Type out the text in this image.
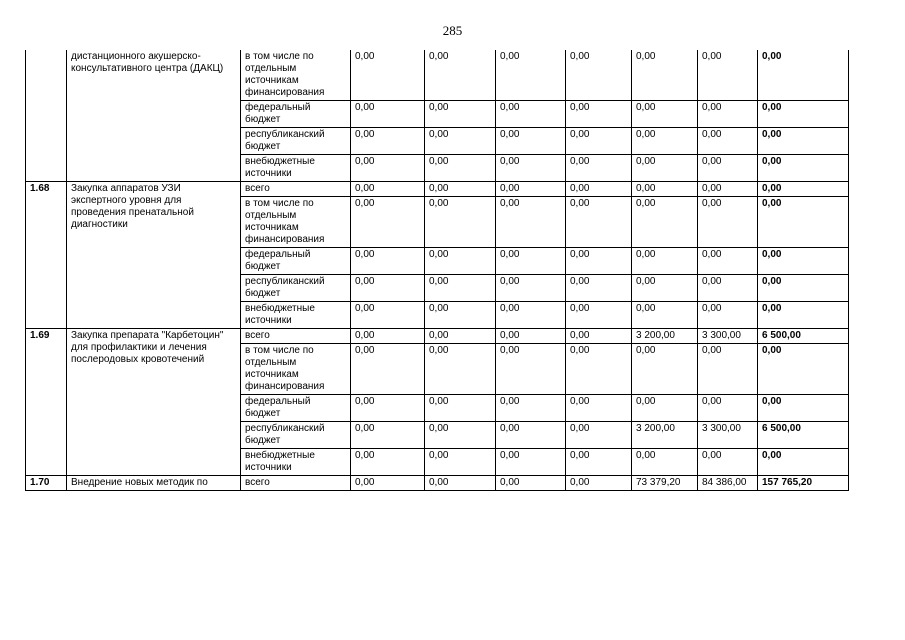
285
	дистанционного акушерско-консультативного центра (ДАКЦ)	в том числе по отдельным источникам финансирования	0,00	0,00	0,00	0,00	0,00	0,00	0,00
		федеральный бюджет	0,00	0,00	0,00	0,00	0,00	0,00	0,00
		республиканский бюджет	0,00	0,00	0,00	0,00	0,00	0,00	0,00
		внебюджетные источники	0,00	0,00	0,00	0,00	0,00	0,00	0,00
1.68	Закупка аппаратов УЗИ экспертного уровня для проведения пренатальной диагностики	всего	0,00	0,00	0,00	0,00	0,00	0,00	0,00
		в том числе по отдельным источникам финансирования	0,00	0,00	0,00	0,00	0,00	0,00	0,00
		федеральный бюджет	0,00	0,00	0,00	0,00	0,00	0,00	0,00
		республиканский бюджет	0,00	0,00	0,00	0,00	0,00	0,00	0,00
		внебюджетные источники	0,00	0,00	0,00	0,00	0,00	0,00	0,00
1.69	Закупка препарата "Карбетоцин" для профилактики и лечения послеродовых кровотечений	всего	0,00	0,00	0,00	0,00	3 200,00	3 300,00	6 500,00
		в том числе по отдельным источникам финансирования	0,00	0,00	0,00	0,00	0,00	0,00	0,00
		федеральный бюджет	0,00	0,00	0,00	0,00	0,00	0,00	0,00
		республиканский бюджет	0,00	0,00	0,00	0,00	3 200,00	3 300,00	6 500,00
		внебюджетные источники	0,00	0,00	0,00	0,00	0,00	0,00	0,00
1.70	Внедрение новых методик по	всего	0,00	0,00	0,00	0,00	73 379,20	84 386,00	157 765,20
